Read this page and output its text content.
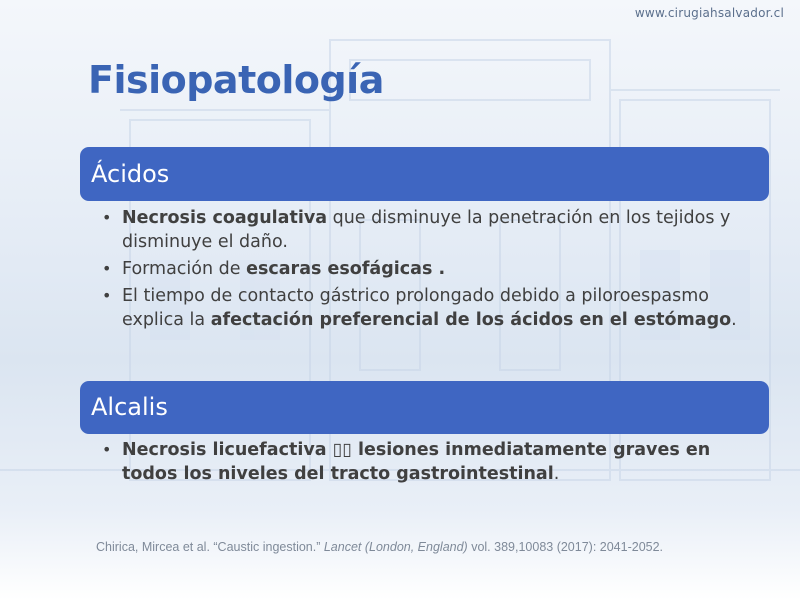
www.cirugiahsalvador.cl
Fisiopatología
Ácidos
• Necrosis coagulativa que disminuye la penetración en los tejidos y disminuye el daño.
• Formación de escaras esofágicas .
• El tiempo de contacto gástrico prolongado debido a piloroespasmo explica la afectación preferencial de los ácidos en el estómago.
Alcalis
• Necrosis licuefactiva ▯▯ lesiones inmediatamente graves en todos los niveles del tracto gastrointestinal.
Chirica, Mircea et al. “Caustic ingestion.” Lancet (London, England) vol. 389,10083 (2017): 2041-2052.
